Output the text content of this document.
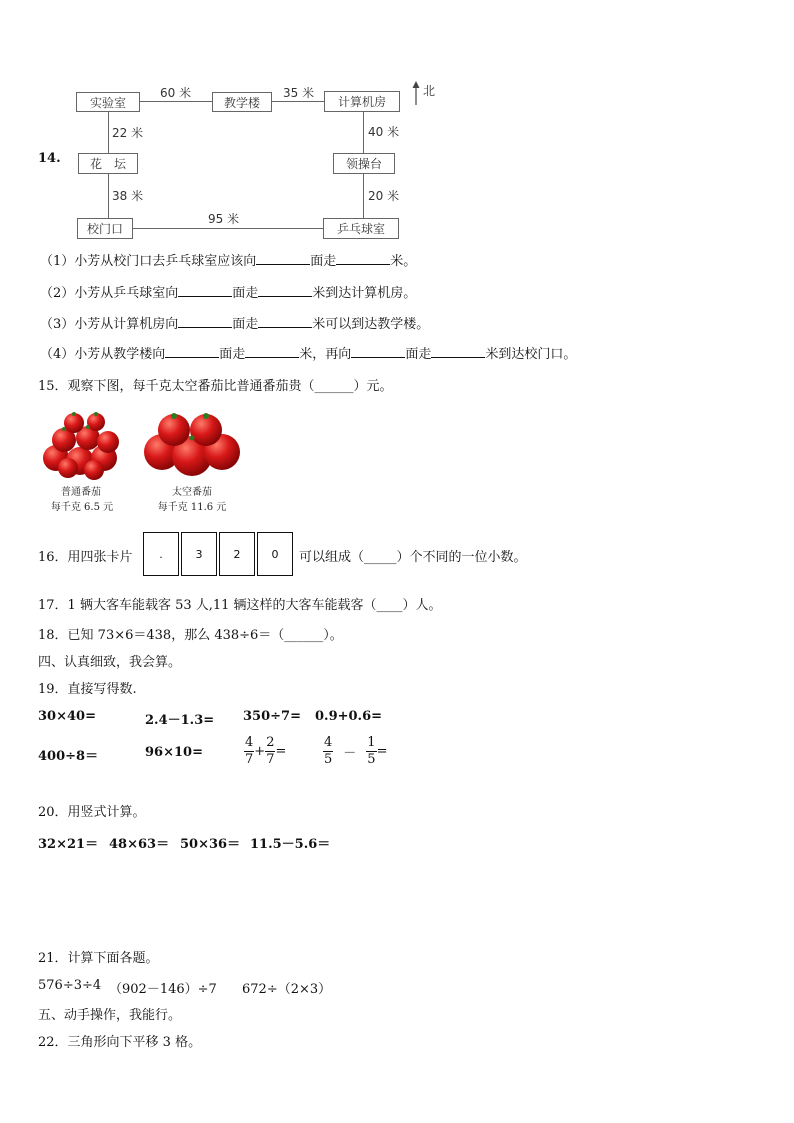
14.
实验室	教学楼	计算机房
花　坛	领操台
校门口	乒乓球室
60 米	35 米
22 米	40 米
38 米	20 米
95 米
北
（1）小芳从校门口去乒乓球室应该向	面走	米。
（2）小芳从乒乓球室向	面走	米到达计算机房。
（3）小芳从计算机房向	面走	米可以到达教学楼。
（4）小芳从教学楼向	面走	米，再向	面走	米到达校门口。
15．观察下图，每千克太空番茄比普通番茄贵（______）元。
普通番茄
每千克 6.5 元
太空番茄
每千克 11.6 元
16．用四张卡片	.	3	2	0	可以组成（_____）个不同的一位小数。
17．1 辆大客车能载客 53 人,11 辆这样的大客车能载客（____）人。
18．已知 73×6＝438，那么 438÷6＝（______）。
四、认真细致，我会算。
19．直接写得数.
30×40=	2.4－1.3= 350÷7= 0.9+0.6=
400÷8＝	96×10=	$\frac{4}{7} + \frac{2}{7}$ =	$\frac{4}{5} - \frac{1}{5}$ =
20．用竖式计算。
32×21＝ 48×63＝ 50×36＝ 11.5－5.6＝
21．计算下面各题。
576÷3÷4 （902－146）÷7 672÷（2×3）
五、动手操作，我能行。
22．三角形向下平移 3 格。
